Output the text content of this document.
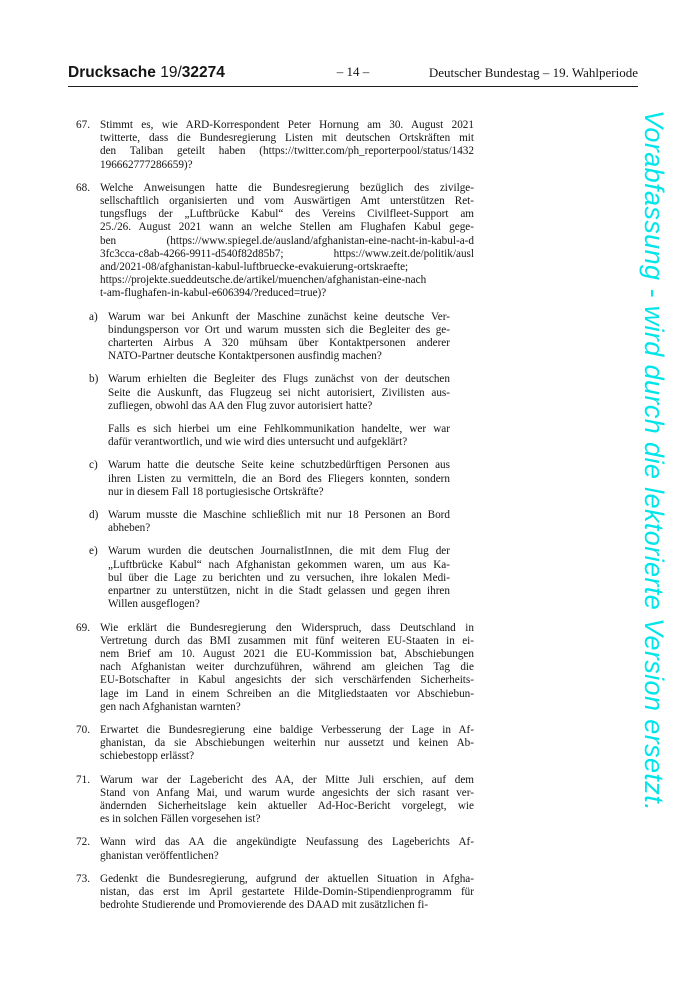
Drucksache 19/32274	– 14 –	Deutscher Bundestag – 19. Wahlperiode
67. Stimmt es, wie ARD-Korrespondent Peter Hornung am 30. August 2021
twitterte, dass die Bundesregierung Listen mit deutschen Ortskräften mit
den Taliban geteilt haben (https://twitter.com/ph_reporterpool/status/1432
196662777286659)?
68. Welche Anweisungen hatte die Bundesregierung bezüglich des zivilge-
sellschaftlich organisierten und vom Auswärtigen Amt unterstützen Ret-
tungsflugs der „Luftbrücke Kabul“ des Vereins Civilfleet-Support am
25./26. August 2021 wann an welche Stellen am Flughafen Kabul gege-
ben (https://www.spiegel.de/ausland/afghanistan-eine-nacht-in-kabul-a-d
3fc3cca-c8ab-4266-9911-d540f82d85b7; https://www.zeit.de/politik/ausl
and/2021-08/afghanistan-kabul-luftbruecke-evakuierung-ortskraefte;
https://projekte.sueddeutsche.de/artikel/muenchen/afghanistan-eine-nach
t-am-flughafen-in-kabul-e606394/?reduced=true)?
a) Warum war bei Ankunft der Maschine zunächst keine deutsche Ver-
bindungsperson vor Ort und warum mussten sich die Begleiter des ge-
charterten Airbus A 320 mühsam über Kontaktpersonen anderer
NATO-Partner deutsche Kontaktpersonen ausfindig machen?
b) Warum erhielten die Begleiter des Flugs zunächst von der deutschen
Seite die Auskunft, das Flugzeug sei nicht autorisiert, Zivilisten aus-
zufliegen, obwohl das AA den Flug zuvor autorisiert hatte?
Falls es sich hierbei um eine Fehlkommunikation handelte, wer war
dafür verantwortlich, und wie wird dies untersucht und aufgeklärt?
c) Warum hatte die deutsche Seite keine schutzbedürftigen Personen aus
ihren Listen zu vermitteln, die an Bord des Fliegers konnten, sondern
nur in diesem Fall 18 portugiesische Ortskräfte?
d) Warum musste die Maschine schließlich mit nur 18 Personen an Bord
abheben?
e) Warum wurden die deutschen JournalistInnen, die mit dem Flug der
„Luftbrücke Kabul“ nach Afghanistan gekommen waren, um aus Ka-
bul über die Lage zu berichten und zu versuchen, ihre lokalen Medi-
enpartner zu unterstützen, nicht in die Stadt gelassen und gegen ihren
Willen ausgeflogen?
69. Wie erklärt die Bundesregierung den Widerspruch, dass Deutschland in
Vertretung durch das BMI zusammen mit fünf weiteren EU-Staaten in ei-
nem Brief am 10. August 2021 die EU-Kommission bat, Abschiebungen
nach Afghanistan weiter durchzuführen, während am gleichen Tag die
EU-Botschafter in Kabul angesichts der sich verschärfenden Sicherheits-
lage im Land in einem Schreiben an die Mitgliedstaaten vor Abschiebun-
gen nach Afghanistan warnten?
70. Erwartet die Bundesregierung eine baldige Verbesserung der Lage in Af-
ghanistan, da sie Abschiebungen weiterhin nur aussetzt und keinen Ab-
schiebestopp erlässt?
71. Warum war der Lagebericht des AA, der Mitte Juli erschien, auf dem
Stand von Anfang Mai, und warum wurde angesichts der sich rasant ver-
ändernden Sicherheitslage kein aktueller Ad-Hoc-Bericht vorgelegt, wie
es in solchen Fällen vorgesehen ist?
72. Wann wird das AA die angekündigte Neufassung des Lageberichts Af-
ghanistan veröffentlichen?
73. Gedenkt die Bundesregierung, aufgrund der aktuellen Situation in Afgha-
nistan, das erst im April gestartete Hilde-Domin-Stipendienprogramm für
bedrohte Studierende und Promovierende des DAAD mit zusätzlichen fi-
Vorabfassung - wird durch die lektorierte Version ersetzt.
